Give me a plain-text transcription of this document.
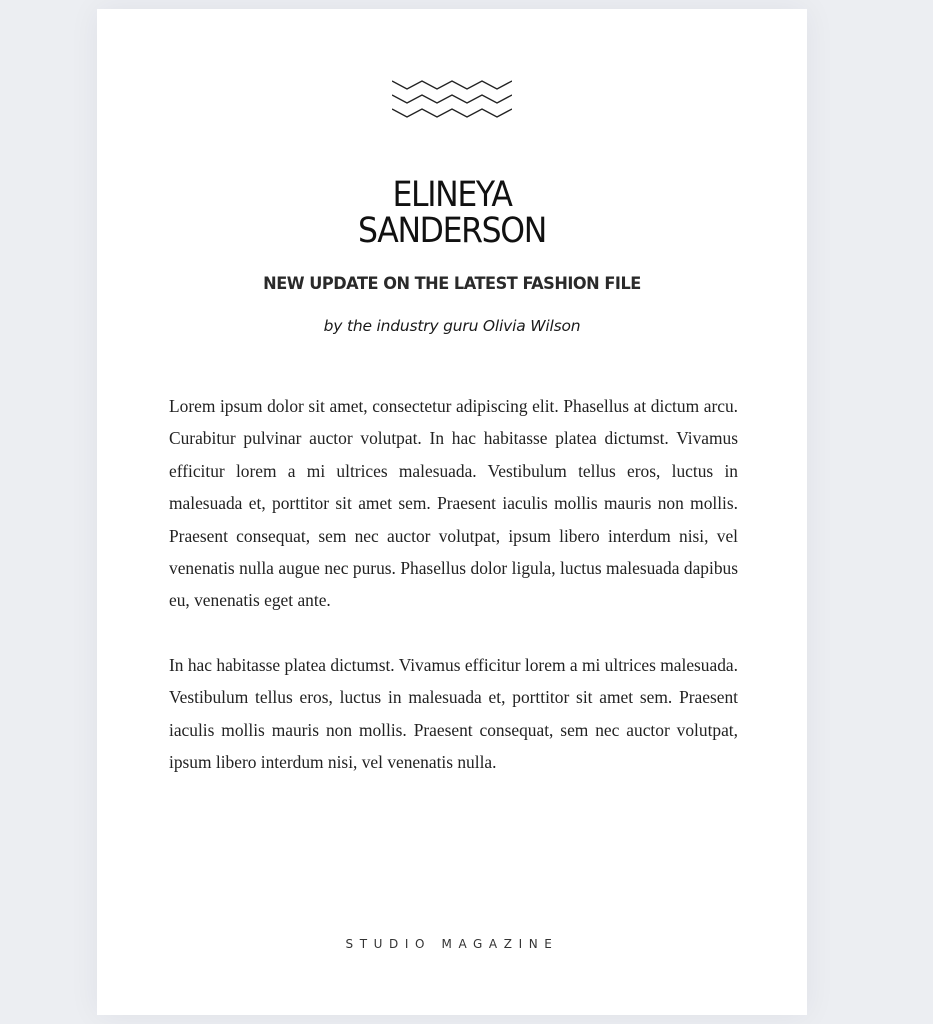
ELINEYA
SANDERSON
NEW UPDATE ON THE LATEST FASHION FILE

by the industry guru Olivia Wilson

Lorem ipsum dolor sit amet, consectetur adipiscing elit. Phasellus at dictum arcu. Curabitur pulvinar auctor volutpat. In hac habitasse platea dictumst. Vivamus efficitur lorem a mi ultrices malesuada. Vestibulum tellus eros, luctus in malesuada et, porttitor sit amet sem. Praesent iaculis mollis mauris non mollis. Praesent consequat, sem nec auctor volutpat, ipsum libero interdum nisi, vel venenatis nulla augue nec purus. Phasellus dolor ligula, luctus malesuada dapibus eu, venenatis eget ante.

In hac habitasse platea dictumst. Vivamus efficitur lorem a mi ultrices malesuada. Vestibulum tellus eros, luctus in malesuada et, porttitor sit amet sem. Praesent iaculis mollis mauris non mollis. Praesent consequat, sem nec auctor volutpat, ipsum libero interdum nisi, vel venenatis nulla.

STUDIO MAGAZINE
